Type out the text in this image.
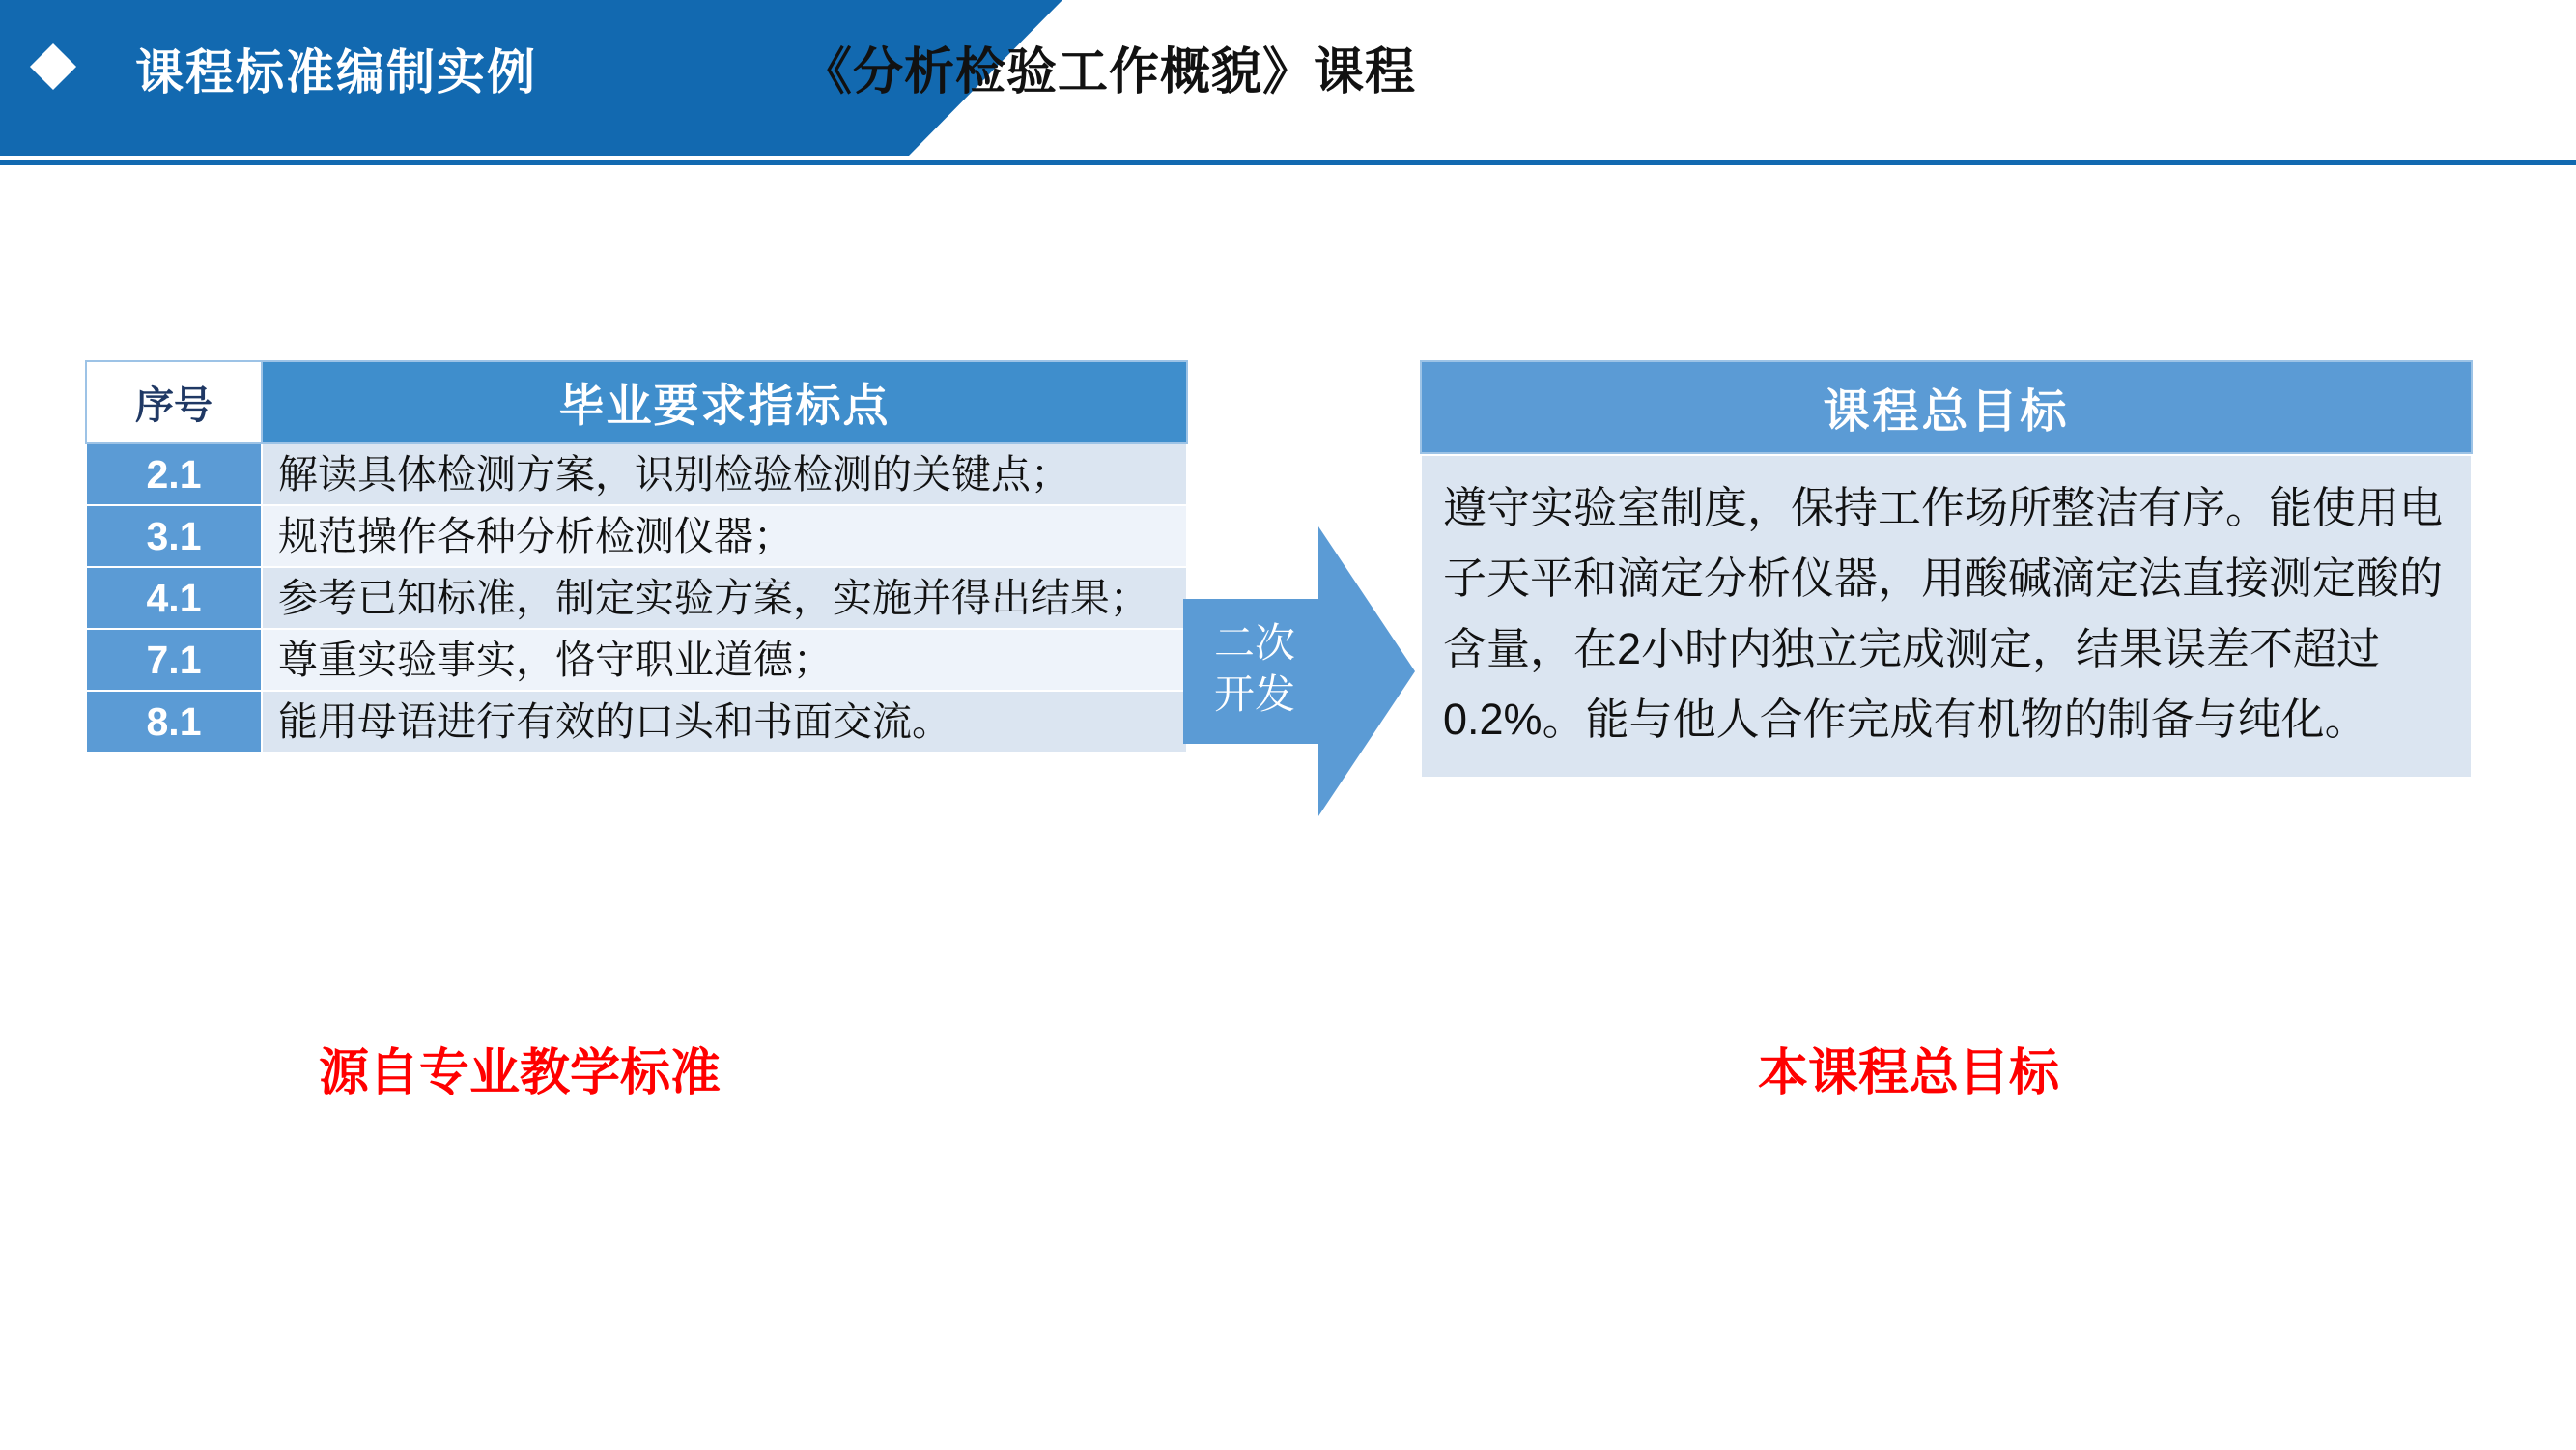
课程标准编制实例	《分析检验工作概貌》课程
序号	毕业要求指标点
2.1	解读具体检测方案，识别检验检测的关键点；
3.1	规范操作各种分析检测仪器；
4.1	参考已知标准，制定实验方案，实施并得出结果；
7.1	尊重实验事实，恪守职业道德；
8.1	能用母语进行有效的口头和书面交流。
源自专业教学标准
二次
开发
课程总目标
遵守实验室制度，保持工作场所整洁有序。能使用电子天平和滴定分析仪器，用酸碱滴定法直接测定酸的含量，在2小时内独立完成测定，结果误差不超过0.2%。能与他人合作完成有机物的制备与纯化。
本课程总目标
